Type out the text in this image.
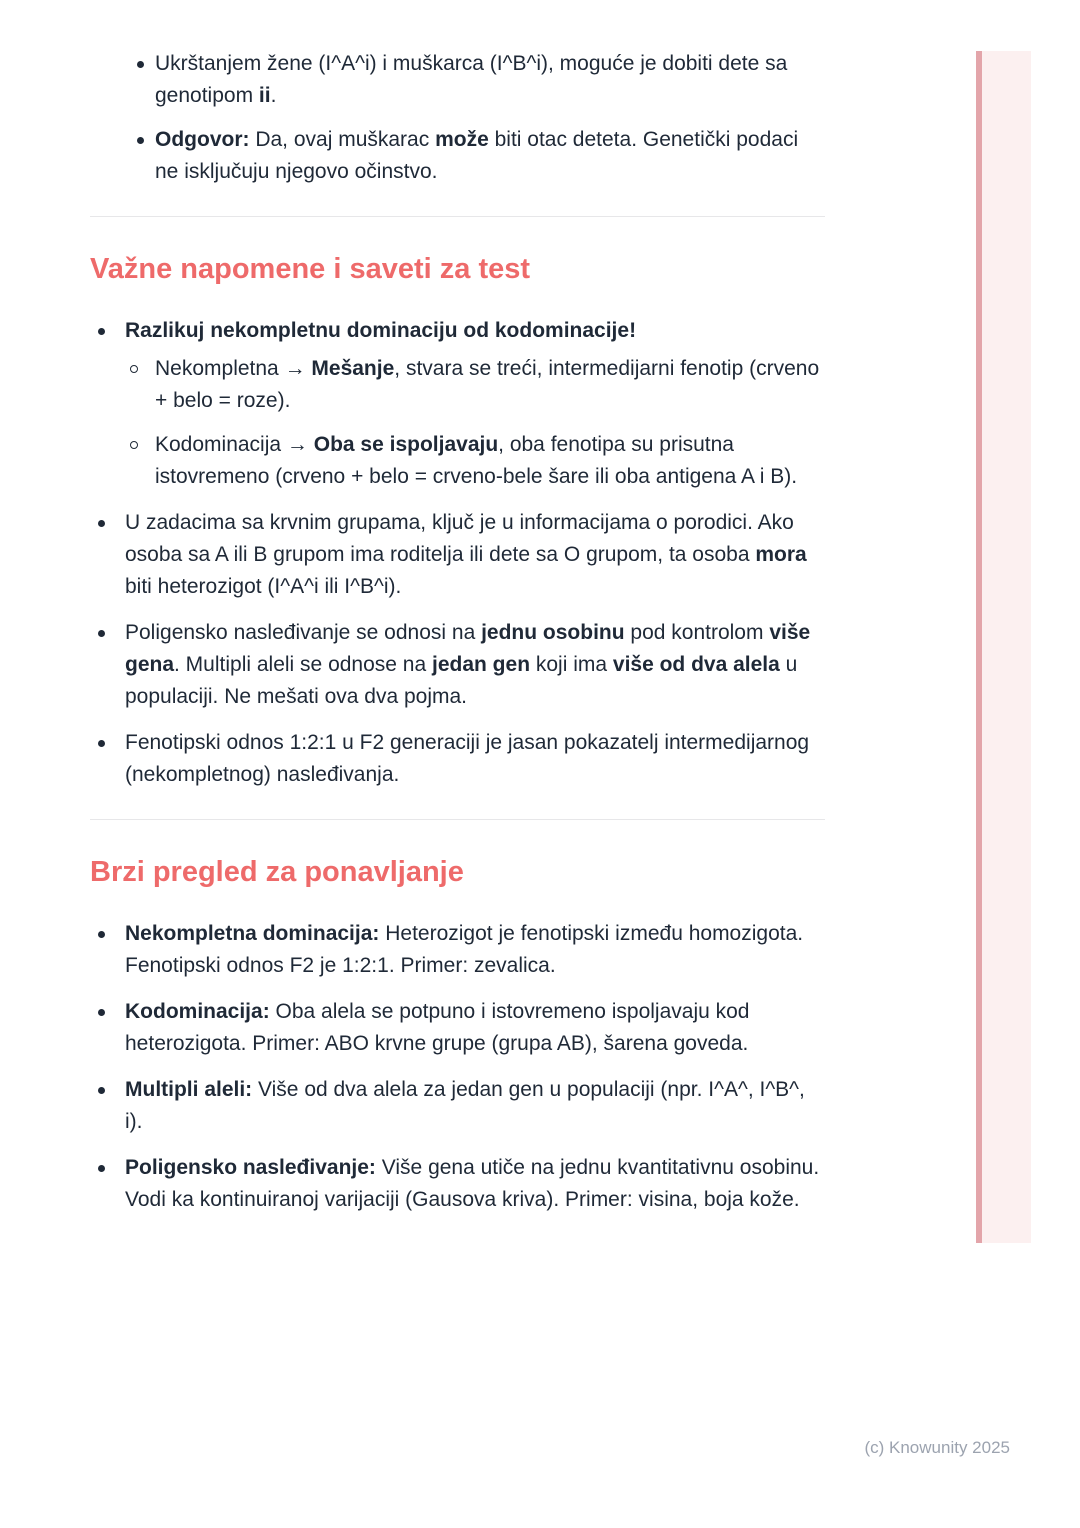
Ukrštanjem žene (I^A^i) i muškarca (I^B^i), moguće je dobiti dete sa genotipom ii.
Odgovor: Da, ovaj muškarac može biti otac deteta. Genetički podaci ne isključuju njegovo očinstvo.
Važne napomene i saveti za test
Razlikuj nekompletnu dominaciju od kodominacije!
Nekompletna → Mešanje, stvara se treći, intermedijarni fenotip (crveno + belo = roze).
Kodominacija → Oba se ispoljavaju, oba fenotipa su prisutna istovremeno (crveno + belo = crveno-bele šare ili oba antigena A i B).
U zadacima sa krvnim grupama, ključ je u informacijama o porodici. Ako osoba sa A ili B grupom ima roditelja ili dete sa O grupom, ta osoba mora biti heterozigot (I^A^i ili I^B^i).
Poligensko nasleđivanje se odnosi na jednu osobinu pod kontrolom više gena. Multipli aleli se odnose na jedan gen koji ima više od dva alela u populaciji. Ne mešati ova dva pojma.
Fenotipski odnos 1:2:1 u F2 generaciji je jasan pokazatelj intermedijarnog (nekompletnog) nasleđivanja.
Brzi pregled za ponavljanje
Nekompletna dominacija: Heterozigot je fenotipski između homozigota. Fenotipski odnos F2 je 1:2:1. Primer: zevalica.
Kodominacija: Oba alela se potpuno i istovremeno ispoljavaju kod heterozigota. Primer: ABO krvne grupe (grupa AB), šarena goveda.
Multipli aleli: Više od dva alela za jedan gen u populaciji (npr. I^A^, I^B^, i).
Poligensko nasleđivanje: Više gena utiče na jednu kvantitativnu osobinu. Vodi ka kontinuiranoj varijaciji (Gausova kriva). Primer: visina, boja kože.
(c) Knowunity 2025
